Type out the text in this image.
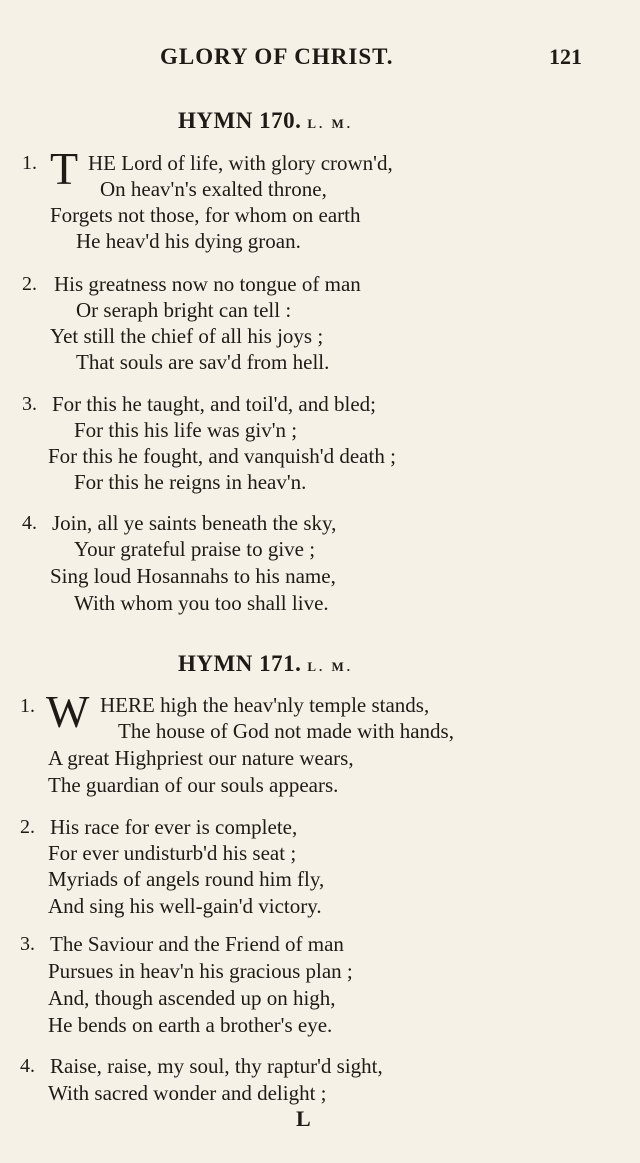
GLORY OF CHRIST.	121
HYMN 170. L. M.
1. T HE Lord of life, with glory crown'd,
On heav'n's exalted throne,
Forgets not those, for whom on earth
He heav'd his dying groan.
2. His greatness now no tongue of man
Or seraph bright can tell :
Yet still the chief of all his joys ;
That souls are sav'd from hell.
3. For this he taught, and toil'd, and bled;
For this his life was giv'n ;
For this he fought, and vanquish'd death ;
For this he reigns in heav'n.
4. Join, all ye saints beneath the sky,
Your grateful praise to give ;
Sing loud Hosannahs to his name,
With whom you too shall live.
HYMN 171. L. M.
1. W HERE high the heav'nly temple stands,
The house of God not made with hands,
A great Highpriest our nature wears,
The guardian of our souls appears.
2. His race for ever is complete,
For ever undisturb'd his seat ;
Myriads of angels round him fly,
And sing his well-gain'd victory.
3. The Saviour and the Friend of man
Pursues in heav'n his gracious plan ;
And, though ascended up on high,
He bends on earth a brother's eye.
4. Raise, raise, my soul, thy raptur'd sight,
With sacred wonder and delight ;
L
